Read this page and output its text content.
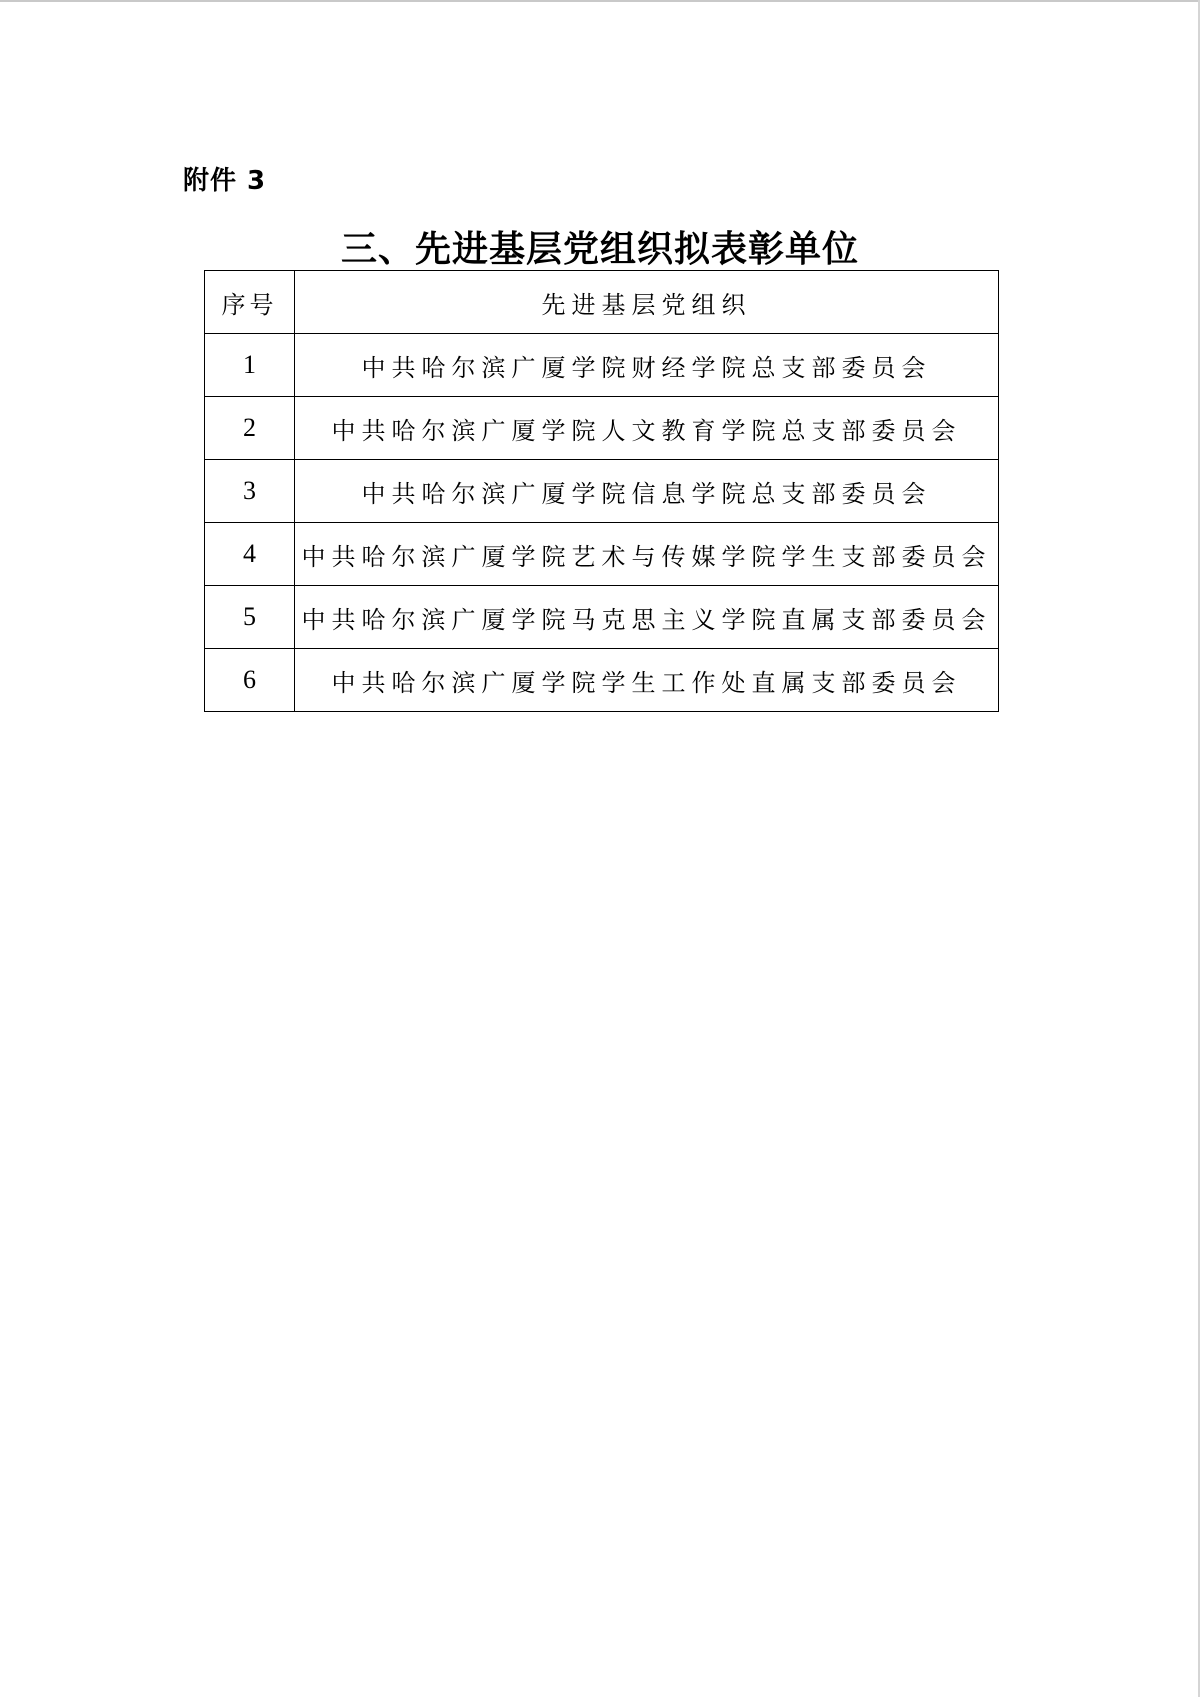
附件 3
三、先进基层党组织拟表彰单位
序号	先进基层党组织
1	中共哈尔滨广厦学院财经学院总支部委员会
2	中共哈尔滨广厦学院人文教育学院总支部委员会
3	中共哈尔滨广厦学院信息学院总支部委员会
4	中共哈尔滨广厦学院艺术与传媒学院学生支部委员会
5	中共哈尔滨广厦学院马克思主义学院直属支部委员会
6	中共哈尔滨广厦学院学生工作处直属支部委员会
